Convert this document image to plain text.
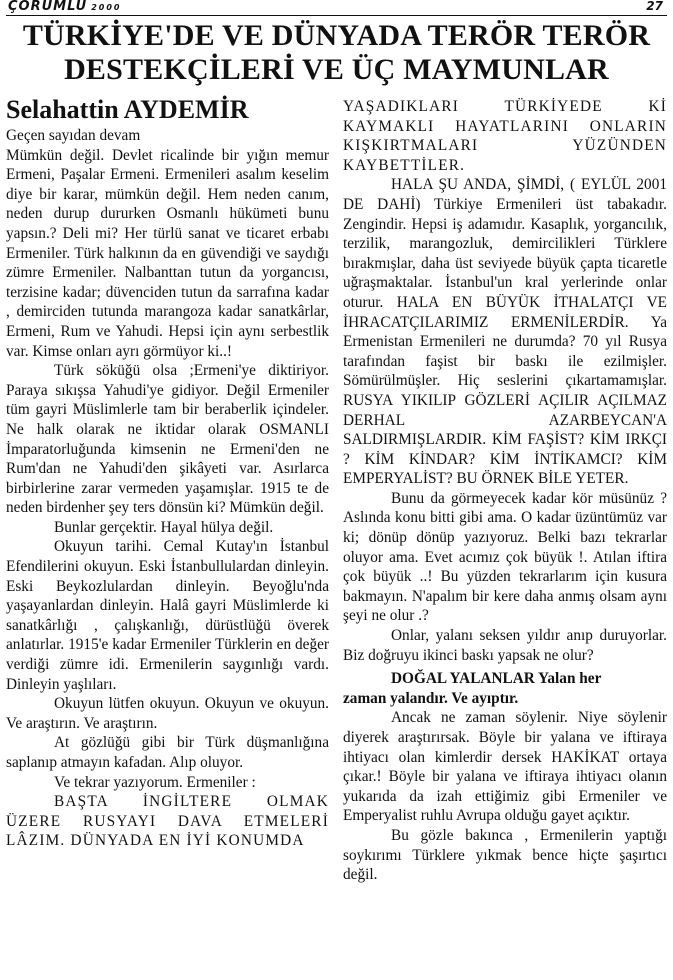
ÇORUMLU 2000	27
TÜRKİYE'DE VE DÜNYADA TERÖR TERÖR
DESTEKÇİLERİ VE ÜÇ MAYMUNLAR
Selahattin AYDEMİR

Geçen sayıdan devam

Mümkün değil. Devlet ricalinde bir yığın memur Ermeni, Paşalar Ermeni. Ermenileri asalım keselim diye bir karar, mümkün değil. Hem neden canım, neden durup dururken Osmanlı hükümeti bunu yapsın.? Deli mi? Her türlü sanat ve ticaret erbabı Ermeniler. Türk halkının da en güvendiği ve saydığı zümre Ermeniler. Nalbanttan tutun da yorgancısı, terzisine kadar; düvenciden tutun da sarrafına kadar , demirciden tutunda marangoza kadar sanatkârlar, Ermeni, Rum ve Yahudi. Hepsi için aynı serbestlik var. Kimse onları ayrı görmüyor ki..!

Türk söküğü olsa ;Ermeni'ye diktiriyor. Paraya sıkışsa Yahudi'ye gidiyor. Değil Ermeniler tüm gayri Müslimlerle tam bir beraberlik içindeler. Ne halk olarak ne iktidar olarak OSMANLI İmparatorluğunda kimsenin ne Ermeni'den ne Rum'dan ne Yahudi'den şikâyeti var. Asırlarca birbirlerine zarar vermeden yaşamışlar. 1915 te de neden birdenher şey ters dönsün ki? Mümkün değil.

Bunlar gerçektir. Hayal hülya değil.

Okuyun tarihi. Cemal Kutay'ın İstanbul Efendilerini okuyun. Eski İstanbullulardan dinleyin. Eski Beykozlulardan dinleyin. Beyoğlu'nda yaşayanlardan dinleyin. Halâ gayri Müslimlerde ki sanatkârlığı , çalışkanlığı, dürüstlüğü överek anlatırlar. 1915'e kadar Ermeniler Türklerin en değer verdiği zümre idi. Ermenilerin saygınlığı vardı. Dinleyin yaşlıları.

Okuyun lütfen okuyun. Okuyun ve okuyun. Ve araştırın. Ve araştırın.

At gözlüğü gibi bir Türk düşmanlığına saplanıp atmayın kafadan. Alıp oluyor.

Ve tekrar yazıyorum. Ermeniler :

BAŞTA İNGİLTERE OLMAK ÜZERE RUSYAYI DAVA ETMELERİ LÂZIM. DÜNYADA EN İYİ KONUMDA

YAŞADIKLARI TÜRKİYEDE Kİ KAYMAKLI HAYATLARINI ONLARIN KIŞKIRTMALARI YÜZÜNDEN KAYBETTİLER.

HALA ŞU ANDA, ŞİMDİ, ( EYLÜL 2001 DE DAHİ) Türkiye Ermenileri üst tabakadır. Zengindir. Hepsi iş adamıdır. Kasaplık, yorgancılık, terzilik, marangozluk, demircilikleri Türklere bırakmışlar, daha üst seviyede büyük çapta ticaretle uğraşmaktalar. İstanbul'un kral yerlerinde onlar oturur. HALA EN BÜYÜK İTHALATÇI VE İHRACATÇILARIMIZ ERMENİLERDİR. Ya Ermenistan Ermenileri ne durumda? 70 yıl Rusya tarafından faşist bir baskı ile ezilmişler. Sömürülmüşler. Hiç seslerini çıkartamamışlar. RUSYA YIKILIP GÖZLERİ AÇILIR AÇILMAZ DERHAL AZARBEYCAN'A SALDIRMIŞLARDIR. KİM FAŞİST? KİM IRKÇI ? KİM KİNDAR? KİM İNTİKAMCI? KİM EMPERYALİST? BU ÖRNEK BİLE YETER.

Bunu da görmeyecek kadar kör müsünüz ? Aslında konu bitti gibi ama. O kadar üzüntümüz var ki; dönüp dönüp yazıyoruz. Belki bazı tekrarlar oluyor ama. Evet acımız çok büyük !. Atılan iftira çok büyük ..! Bu yüzden tekrarlarım için kusura bakmayın. N'apalım bir kere daha anmış olsam aynı şeyi ne olur .?

Onlar, yalanı seksen yıldır anıp duruyorlar. Biz doğruyu ikinci baskı yapsak ne olur?

DOĞAL YALANLAR Yalan her

zaman yalandır. Ve ayıptır.

Ancak ne zaman söylenir. Niye söylenir diyerek araştırırsak. Böyle bir yalana ve iftiraya ihtiyacı olan kimlerdir dersek HAKİKAT ortaya çıkar.! Böyle bir yalana ve iftiraya ihtiyacı olanın yukarıda da izah ettiğimiz gibi Ermeniler ve Emperyalist ruhlu Avrupa olduğu gayet açıktır.

Bu gözle bakınca , Ermenilerin yaptığı soykırımı Türklere yıkmak bence hiçte şaşırtıcı değil.
